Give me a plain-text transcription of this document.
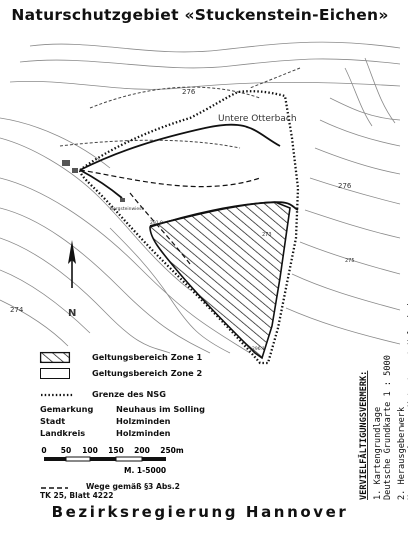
Naturschutzgebiet «Stuckenstein-Eichen»
N
Untere Otterbach
Bergsteinwiese
276
276
274
275
273
291.0
296.1
Geltungsbereich Zone 1
Geltungsbereich Zone 2
Grenze des NSG
Gemarkung	Neuhaus im Solling
Stadt	Holzminden
Landkreis	Holzminden
0 50 100 150 200 250m
M. 1-5000
Wege gemäß §3 Abs.2
TK 25, Blatt 4222	VERVIELFÄLTIGUNGSVERMERK: 1. Kartengrundlage Deutsche Grundkarte 1 : 5000 2. Herausgeberwerk
Bezirksregierung Hannover
